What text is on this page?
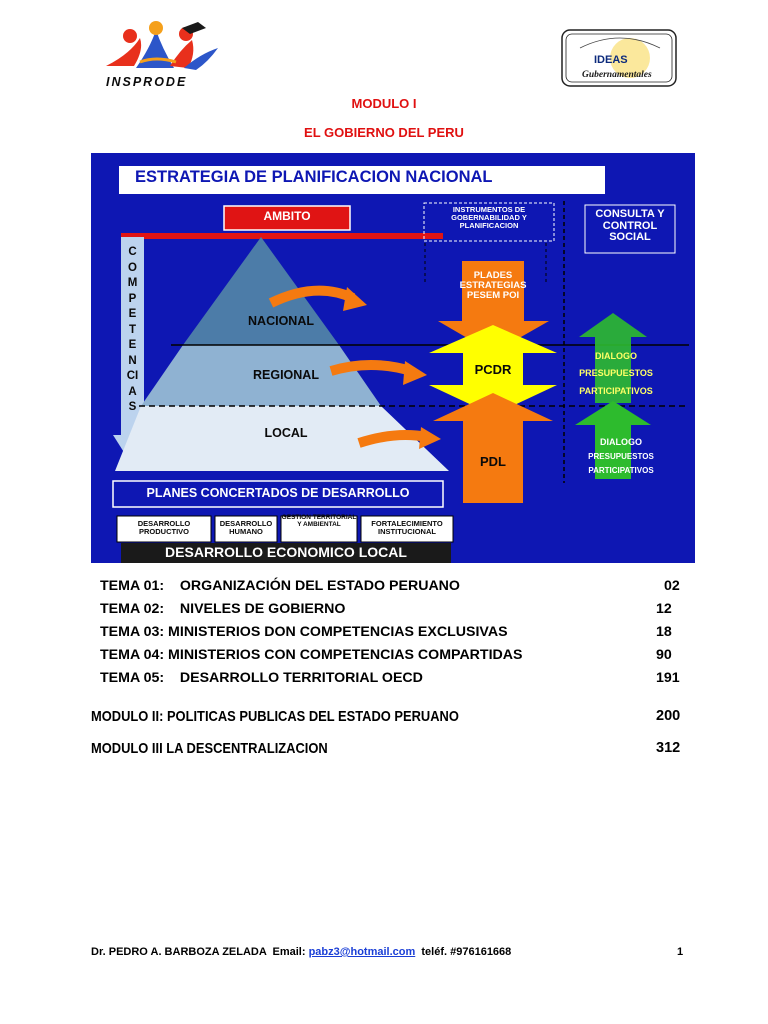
INSPRODE
IDEAS
Gubernamentales
MODULO I
EL GOBIERNO DEL PERU
ESTRATEGIA DE PLANIFICACION NACIONAL
AMBITO	INSTRUMENTOS DE GOBERNABILIDAD Y PLANIFICACION
CONSULTA Y CONTROL SOCIAL
COMPETENCIAS
NACIONAL
REGIONAL
LOCAL
PLADES ESTRATEGIAS PESEM POI
PCDR
PDL
DIALOGO
PRESUPUESTOS
PARTICIPATIVOS
DIALOGO
PRESUPUESTOS
PARTICIPATIVOS
PLANES CONCERTADOS DE DESARROLLO
DESARROLLO PRODUCTIVO
DESARROLLO HUMANO
GESTION TERRITORIAL Y AMBIENTAL	FORTALECIMIENTO INSTITUCIONAL
DESARROLLO ECONOMICO LOCAL
TEMA 01:    ORGANIZACIÓN DEL ESTADO PERUANO	02
TEMA 02:    NIVELES DE GOBIERNO	12
TEMA 03: MINISTERIOS DON COMPETENCIAS EXCLUSIVAS	18
TEMA 04: MINISTERIOS CON COMPETENCIAS COMPARTIDAS	90
TEMA 05:    DESARROLLO TERRITORIAL OECD	191
MODULO II: POLITICAS PUBLICAS DEL ESTADO PERUANO	200
MODULO III LA DESCENTRALIZACION	312
Dr. PEDRO A. BARBOZA ZELADA  Email: pabz3@hotmail.com  teléf. #976161668	1
